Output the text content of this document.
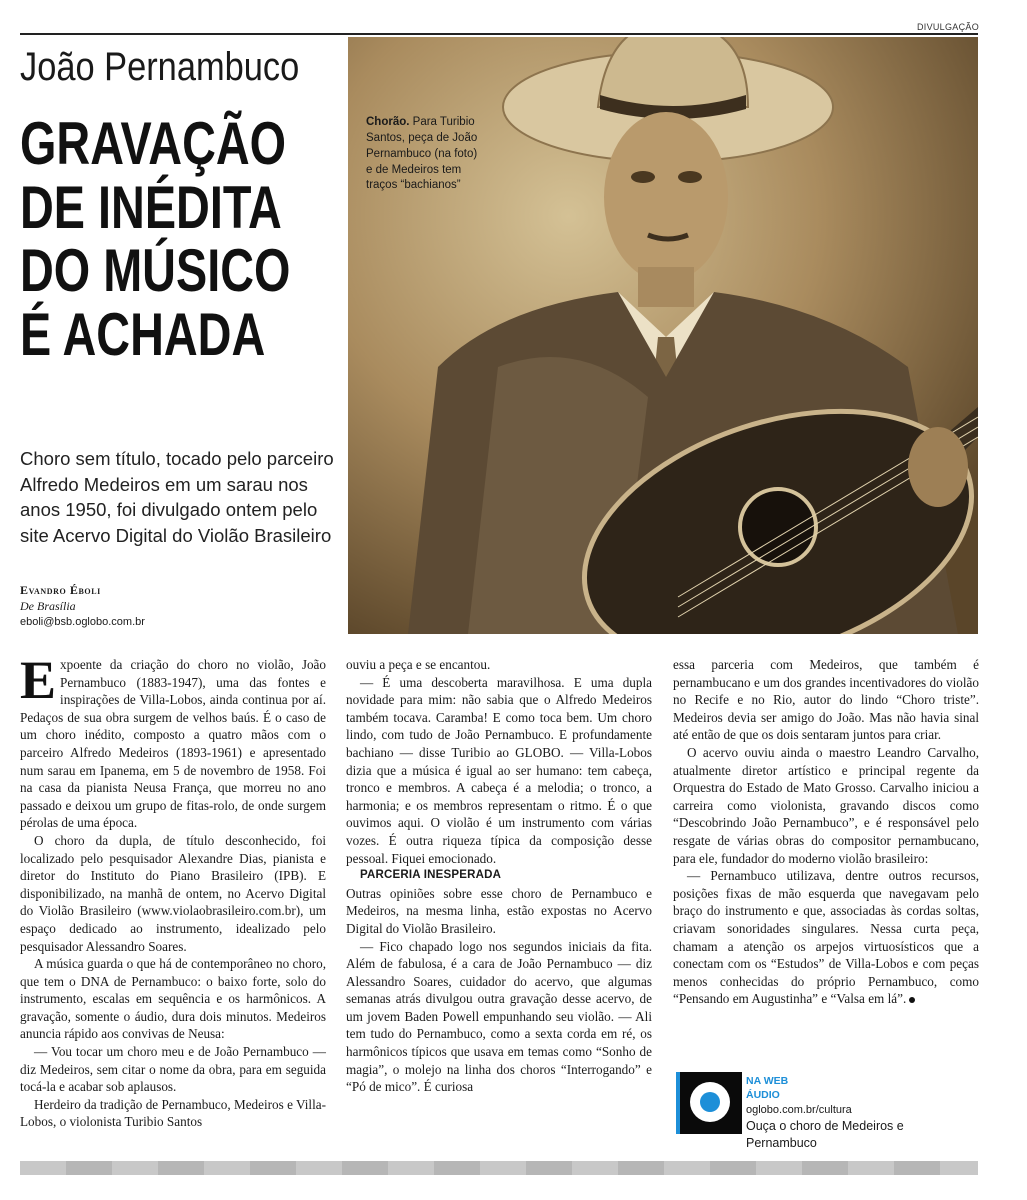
DIVULGAÇÃO
João Pernambuco
GRAVAÇÃO
DE INÉDITA
DO MÚSICO
É ACHADA
Choro sem título, tocado pelo parceiro Alfredo Medeiros em um sarau nos anos 1950, foi divulgado ontem pelo site Acervo Digital do Violão Brasileiro
Evandro Éboli
De Brasília
eboli@bsb.oglobo.com.br
Chorão. Para Turibio Santos, peça de João Pernambuco (na foto) e de Medeiros tem traços “bachianos”

Expoente da criação do choro no violão, João Pernambuco (1883-1947), uma das fontes e inspirações de Villa-Lobos, ainda continua por aí. Pedaços de sua obra surgem de velhos baús. É o caso de um choro inédito, composto a quatro mãos com o parceiro Alfredo Medeiros (1893-1961) e apresentado num sarau em Ipanema, em 5 de novembro de 1958. Foi na casa da pianista Neusa França, que morreu no ano passado e deixou um grupo de fitas-rolo, de onde surgem pérolas de uma época.

O choro da dupla, de título desconhecido, foi localizado pelo pesquisador Alexandre Dias, pianista e diretor do Instituto do Piano Brasileiro (IPB). E disponibilizado, na manhã de ontem, no Acervo Digital do Violão Brasileiro (www.violaobrasileiro.com.br), um espaço dedicado ao instrumento, idealizado pelo pesquisador Alessandro Soares.

A música guarda o que há de contemporâneo no choro, que tem o DNA de Pernambuco: o baixo forte, solo do instrumento, escalas em sequência e os harmônicos. A gravação, somente o áudio, dura dois minutos. Medeiros anuncia rápido aos convivas de Neusa:

— Vou tocar um choro meu e de João Pernambuco — diz Medeiros, sem citar o nome da obra, para em seguida tocá-la e acabar sob aplausos.

Herdeiro da tradição de Pernambuco, Medeiros e Villa-Lobos, o violonista Turibio Santos

ouviu a peça e se encantou.

— É uma descoberta maravilhosa. E uma dupla novidade para mim: não sabia que o Alfredo Medeiros também tocava. Caramba! E como toca bem. Um choro lindo, com tudo de João Pernambuco. E profundamente bachiano — disse Turibio ao GLOBO. — Villa-Lobos dizia que a música é igual ao ser humano: tem cabeça, tronco e membros. A cabeça é a melodia; o tronco, a harmonia; e os membros representam o ritmo. É o que ouvimos aqui. O violão é um instrumento com várias vozes. É outra riqueza típica da composição desse pessoal. Fiquei emocionado.

PARCERIA INESPERADA

Outras opiniões sobre esse choro de Pernambuco e Medeiros, na mesma linha, estão expostas no Acervo Digital do Violão Brasileiro.

— Fico chapado logo nos segundos iniciais da fita. Além de fabulosa, é a cara de João Pernambuco — diz Alessandro Soares, cuidador do acervo, que algumas semanas atrás divulgou outra gravação desse acervo, de um jovem Baden Powell empunhando seu violão. — Ali tem tudo do Pernambuco, como a sexta corda em ré, os harmônicos típicos que usava em temas como “Sonho de magia”, o molejo na linha dos choros “Interrogando” e “Pó de mico”. É curiosa

essa parceria com Medeiros, que também é pernambucano e um dos grandes incentivadores do violão no Recife e no Rio, autor do lindo “Choro triste”. Medeiros devia ser amigo do João. Mas não havia sinal até então de que os dois sentaram juntos para criar.

O acervo ouviu ainda o maestro Leandro Carvalho, atualmente diretor artístico e principal regente da Orquestra do Estado de Mato Grosso. Carvalho iniciou a carreira como violonista, gravando discos como “Descobrindo João Pernambuco”, e é responsável pelo resgate de várias obras do compositor pernambucano, para ele, fundador do moderno violão brasileiro:

— Pernambuco utilizava, dentre outros recursos, posições fixas de mão esquerda que navegavam pelo braço do instrumento e que, associadas às cordas soltas, criavam sonoridades singulares. Nessa curta peça, chamam a atenção os arpejos virtuosísticos que a conectam com os “Estudos” de Villa-Lobos e com peças menos conhecidas do próprio Pernambuco, como “Pensando em Augustinha” e “Valsa em lá”.

NA WEB
ÁUDIO
oglobo.com.br/cultura
Ouça o choro de Medeiros e Pernambuco
